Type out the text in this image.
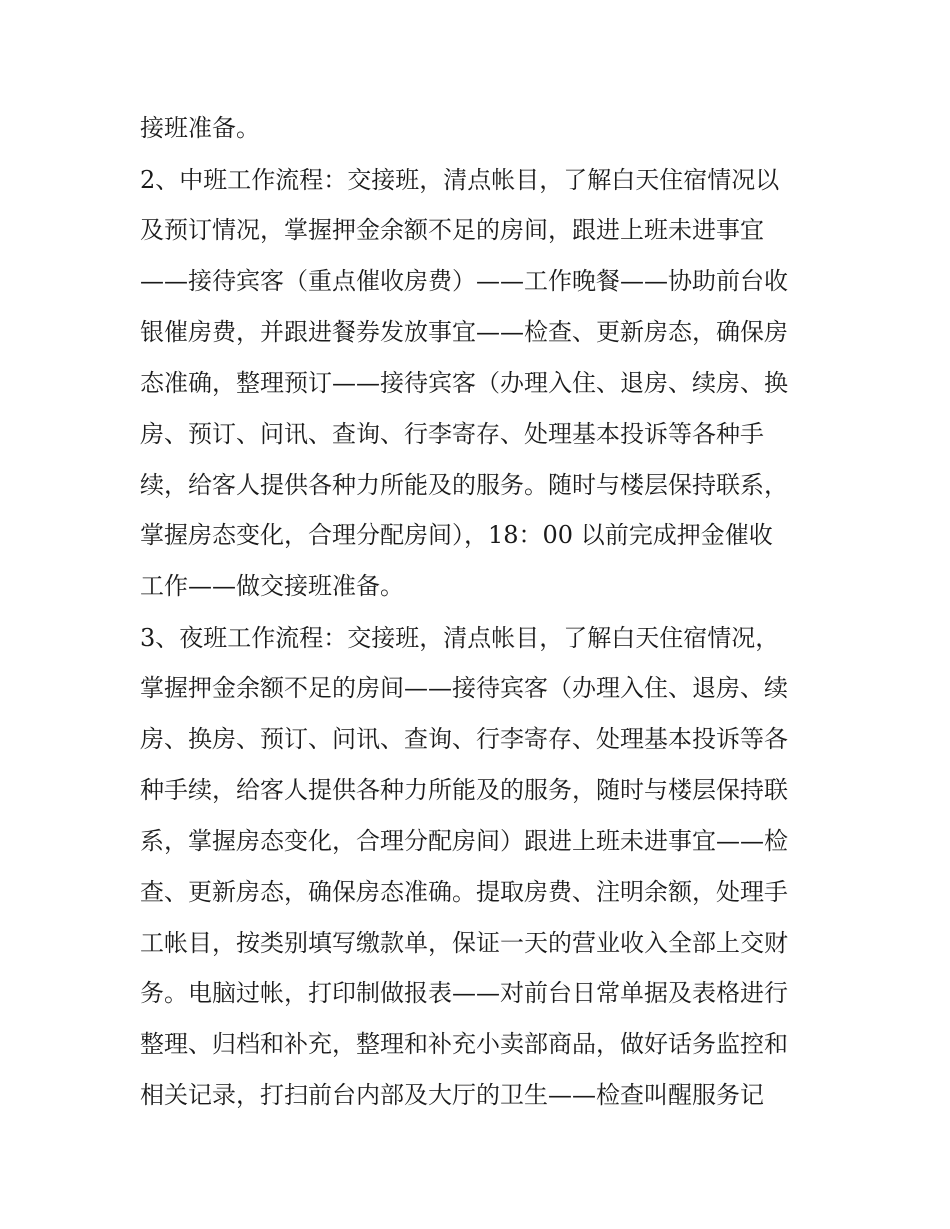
接班准备。
2、中班工作流程：交接班，清点帐目，了解白天住宿情况以
及预订情况，掌握押金余额不足的房间，跟进上班未进事宜
——接待宾客（重点催收房费）——工作晚餐——协助前台收
银催房费，并跟进餐券发放事宜——检查、更新房态，确保房
态准确，整理预订——接待宾客（办理入住、退房、续房、换
房、预订、问讯、查询、行李寄存、处理基本投诉等各种手
续，给客人提供各种力所能及的服务。随时与楼层保持联系，
掌握房态变化，合理分配房间），18：00 以前完成押金催收
工作——做交接班准备。
3、夜班工作流程：交接班，清点帐目，了解白天住宿情况，
掌握押金余额不足的房间——接待宾客（办理入住、退房、续
房、换房、预订、问讯、查询、行李寄存、处理基本投诉等各
种手续，给客人提供各种力所能及的服务，随时与楼层保持联
系，掌握房态变化，合理分配房间）跟进上班未进事宜——检
查、更新房态，确保房态准确。提取房费、注明余额，处理手
工帐目，按类别填写缴款单，保证一天的营业收入全部上交财
务。电脑过帐，打印制做报表——对前台日常单据及表格进行
整理、归档和补充，整理和补充小卖部商品，做好话务监控和
相关记录，打扫前台内部及大厅的卫生——检查叫醒服务记
